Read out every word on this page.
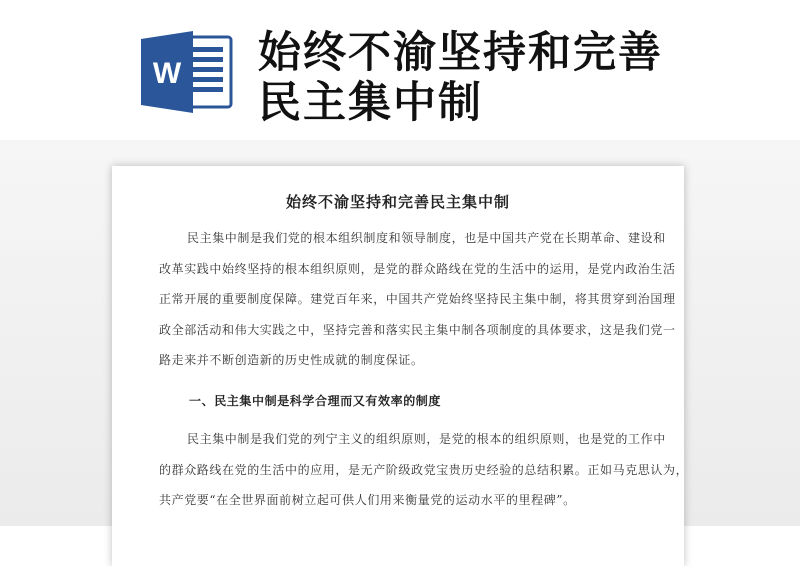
W 始终不渝坚持和完善
民主集中制
始终不渝坚持和完善民主集中制
民主集中制是我们党的根本组织制度和领导制度，也是中国共产党在长期革命、建设和
改革实践中始终坚持的根本组织原则，是党的群众路线在党的生活中的运用，是党内政治生活
正常开展的重要制度保障。建党百年来，中国共产党始终坚持民主集中制，将其贯穿到治国理
政全部活动和伟大实践之中，坚持完善和落实民主集中制各项制度的具体要求，这是我们党一
路走来并不断创造新的历史性成就的制度保证。
一、民主集中制是科学合理而又有效率的制度
民主集中制是我们党的列宁主义的组织原则，是党的根本的组织原则，也是党的工作中
的群众路线在党的生活中的应用，是无产阶级政党宝贵历史经验的总结积累。正如马克思认为，
共产党要“在全世界面前树立起可供人们用来衡量党的运动水平的里程碑”。
